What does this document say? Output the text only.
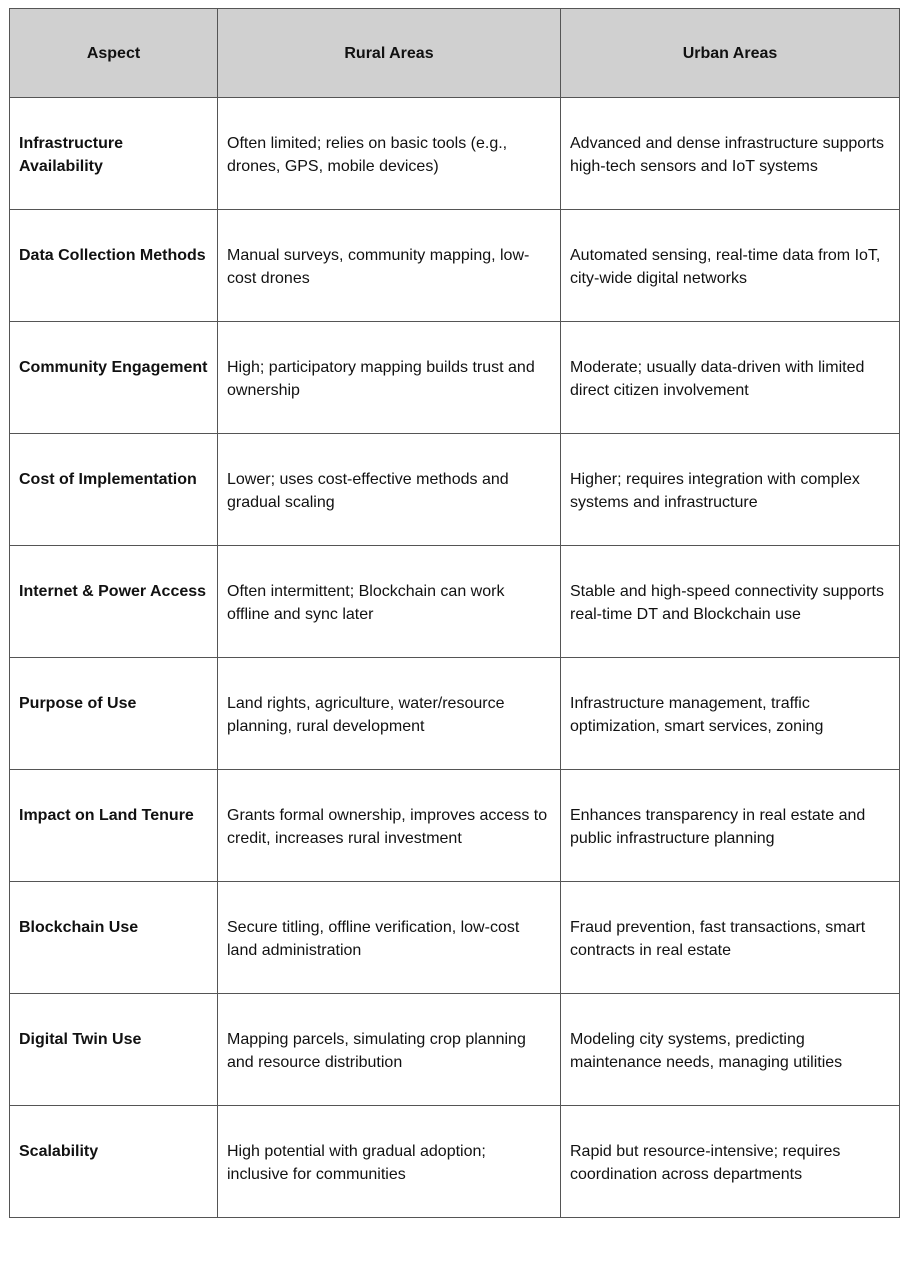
Aspect	Rural Areas	Urban Areas
Infrastructure Availability	Often limited; relies on basic tools (e.g., drones, GPS, mobile devices)	Advanced and dense infrastructure supports high-tech sensors and IoT systems
Data Collection Methods	Manual surveys, community mapping, low-cost drones	Automated sensing, real-time data from IoT, city-wide digital networks
Community Engagement	High; participatory mapping builds trust and ownership	Moderate; usually data-driven with limited direct citizen involvement
Cost of Implementation	Lower; uses cost-effective methods and gradual scaling	Higher; requires integration with complex systems and infrastructure
Internet & Power Access	Often intermittent; Blockchain can work offline and sync later	Stable and high-speed connectivity supports real-time DT and Blockchain use
Purpose of Use	Land rights, agriculture, water/resource planning, rural development	Infrastructure management, traffic optimization, smart services, zoning
Impact on Land Tenure	Grants formal ownership, improves access to credit, increases rural investment	Enhances transparency in real estate and public infrastructure planning
Blockchain Use	Secure titling, offline verification, low-cost land administration	Fraud prevention, fast transactions, smart contracts in real estate
Digital Twin Use	Mapping parcels, simulating crop planning and resource distribution	Modeling city systems, predicting maintenance needs, managing utilities
Scalability	High potential with gradual adoption; inclusive for communities	Rapid but resource-intensive; requires coordination across departments
